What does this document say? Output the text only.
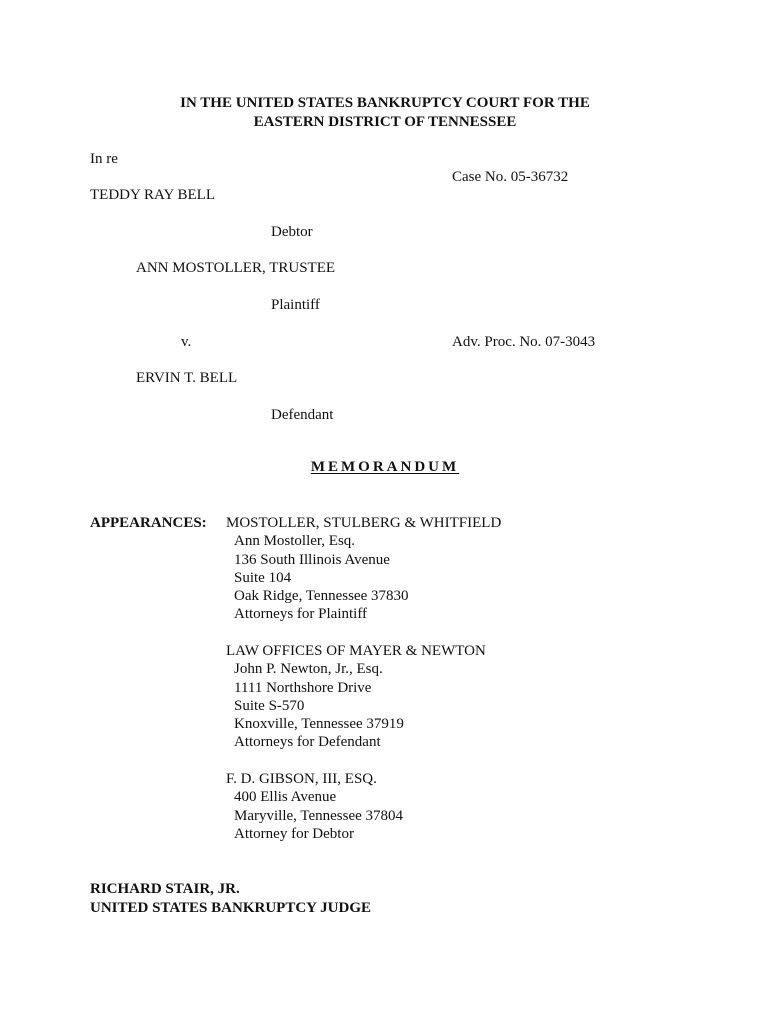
IN THE UNITED STATES BANKRUPTCY COURT FOR THE
EASTERN DISTRICT OF TENNESSEE
In re
Case No. 05-36732
TEDDY RAY BELL
Debtor
ANN MOSTOLLER, TRUSTEE
Plaintiff
v.	Adv. Proc. No. 07-3043
ERVIN T. BELL
Defendant
MEMORANDUM
APPEARANCES: MOSTOLLER, STULBERG & WHITFIELD
Ann Mostoller, Esq.
136 South Illinois Avenue
Suite 104
Oak Ridge, Tennessee 37830
Attorneys for Plaintiff
LAW OFFICES OF MAYER & NEWTON
John P. Newton, Jr., Esq.
1111 Northshore Drive
Suite S-570
Knoxville, Tennessee 37919
Attorneys for Defendant
F. D. GIBSON, III, ESQ.
400 Ellis Avenue
Maryville, Tennessee 37804
Attorney for Debtor
RICHARD STAIR, JR.
UNITED STATES BANKRUPTCY JUDGE
